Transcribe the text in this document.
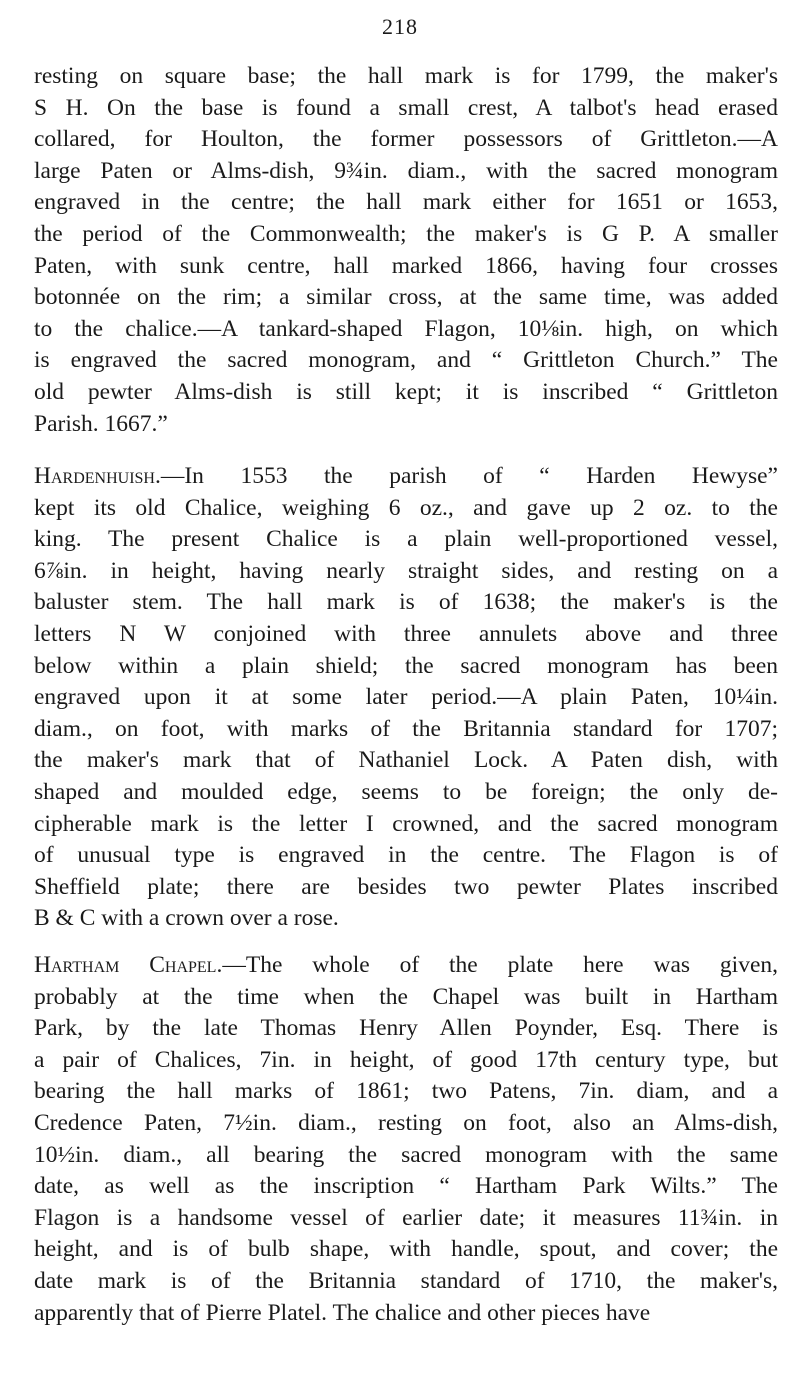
218
resting on square base; the hall mark is for 1799, the maker's
S H. On the base is found a small crest, A talbot's head erased
collared, for Houlton, the former possessors of Grittleton.—A
large Paten or Alms-dish, 9¾in. diam., with the sacred monogram
engraved in the centre; the hall mark either for 1651 or 1653,
the period of the Commonwealth; the maker's is G P. A smaller
Paten, with sunk centre, hall marked 1866, having four crosses
botonnée on the rim; a similar cross, at the same time, was added
to the chalice.—A tankard-shaped Flagon, 10⅛in. high, on which
is engraved the sacred monogram, and “ Grittleton Church.” The
old pewter Alms-dish is still kept; it is inscribed “ Grittleton
Parish. 1667.”
Hardenhuish.—In 1553 the parish of “ Harden Hewyse”
kept its old Chalice, weighing 6 oz., and gave up 2 oz. to the
king. The present Chalice is a plain well-proportioned vessel,
6⅞in. in height, having nearly straight sides, and resting on a
baluster stem. The hall mark is of 1638; the maker's is the
letters N W conjoined with three annulets above and three
below within a plain shield; the sacred monogram has been
engraved upon it at some later period.—A plain Paten, 10¼in.
diam., on foot, with marks of the Britannia standard for 1707;
the maker's mark that of Nathaniel Lock. A Paten dish, with
shaped and moulded edge, seems to be foreign; the only de-
cipherable mark is the letter I crowned, and the sacred monogram
of unusual type is engraved in the centre. The Flagon is of
Sheffield plate; there are besides two pewter Plates inscribed
B & C with a crown over a rose.
Hartham Chapel.—The whole of the plate here was given,
probably at the time when the Chapel was built in Hartham
Park, by the late Thomas Henry Allen Poynder, Esq. There is
a pair of Chalices, 7in. in height, of good 17th century type, but
bearing the hall marks of 1861; two Patens, 7in. diam, and a
Credence Paten, 7½in. diam., resting on foot, also an Alms-dish,
10½in. diam., all bearing the sacred monogram with the same
date, as well as the inscription “ Hartham Park Wilts.” The
Flagon is a handsome vessel of earlier date; it measures 11¾in. in
height, and is of bulb shape, with handle, spout, and cover; the
date mark is of the Britannia standard of 1710, the maker's,
apparently that of Pierre Platel. The chalice and other pieces have
